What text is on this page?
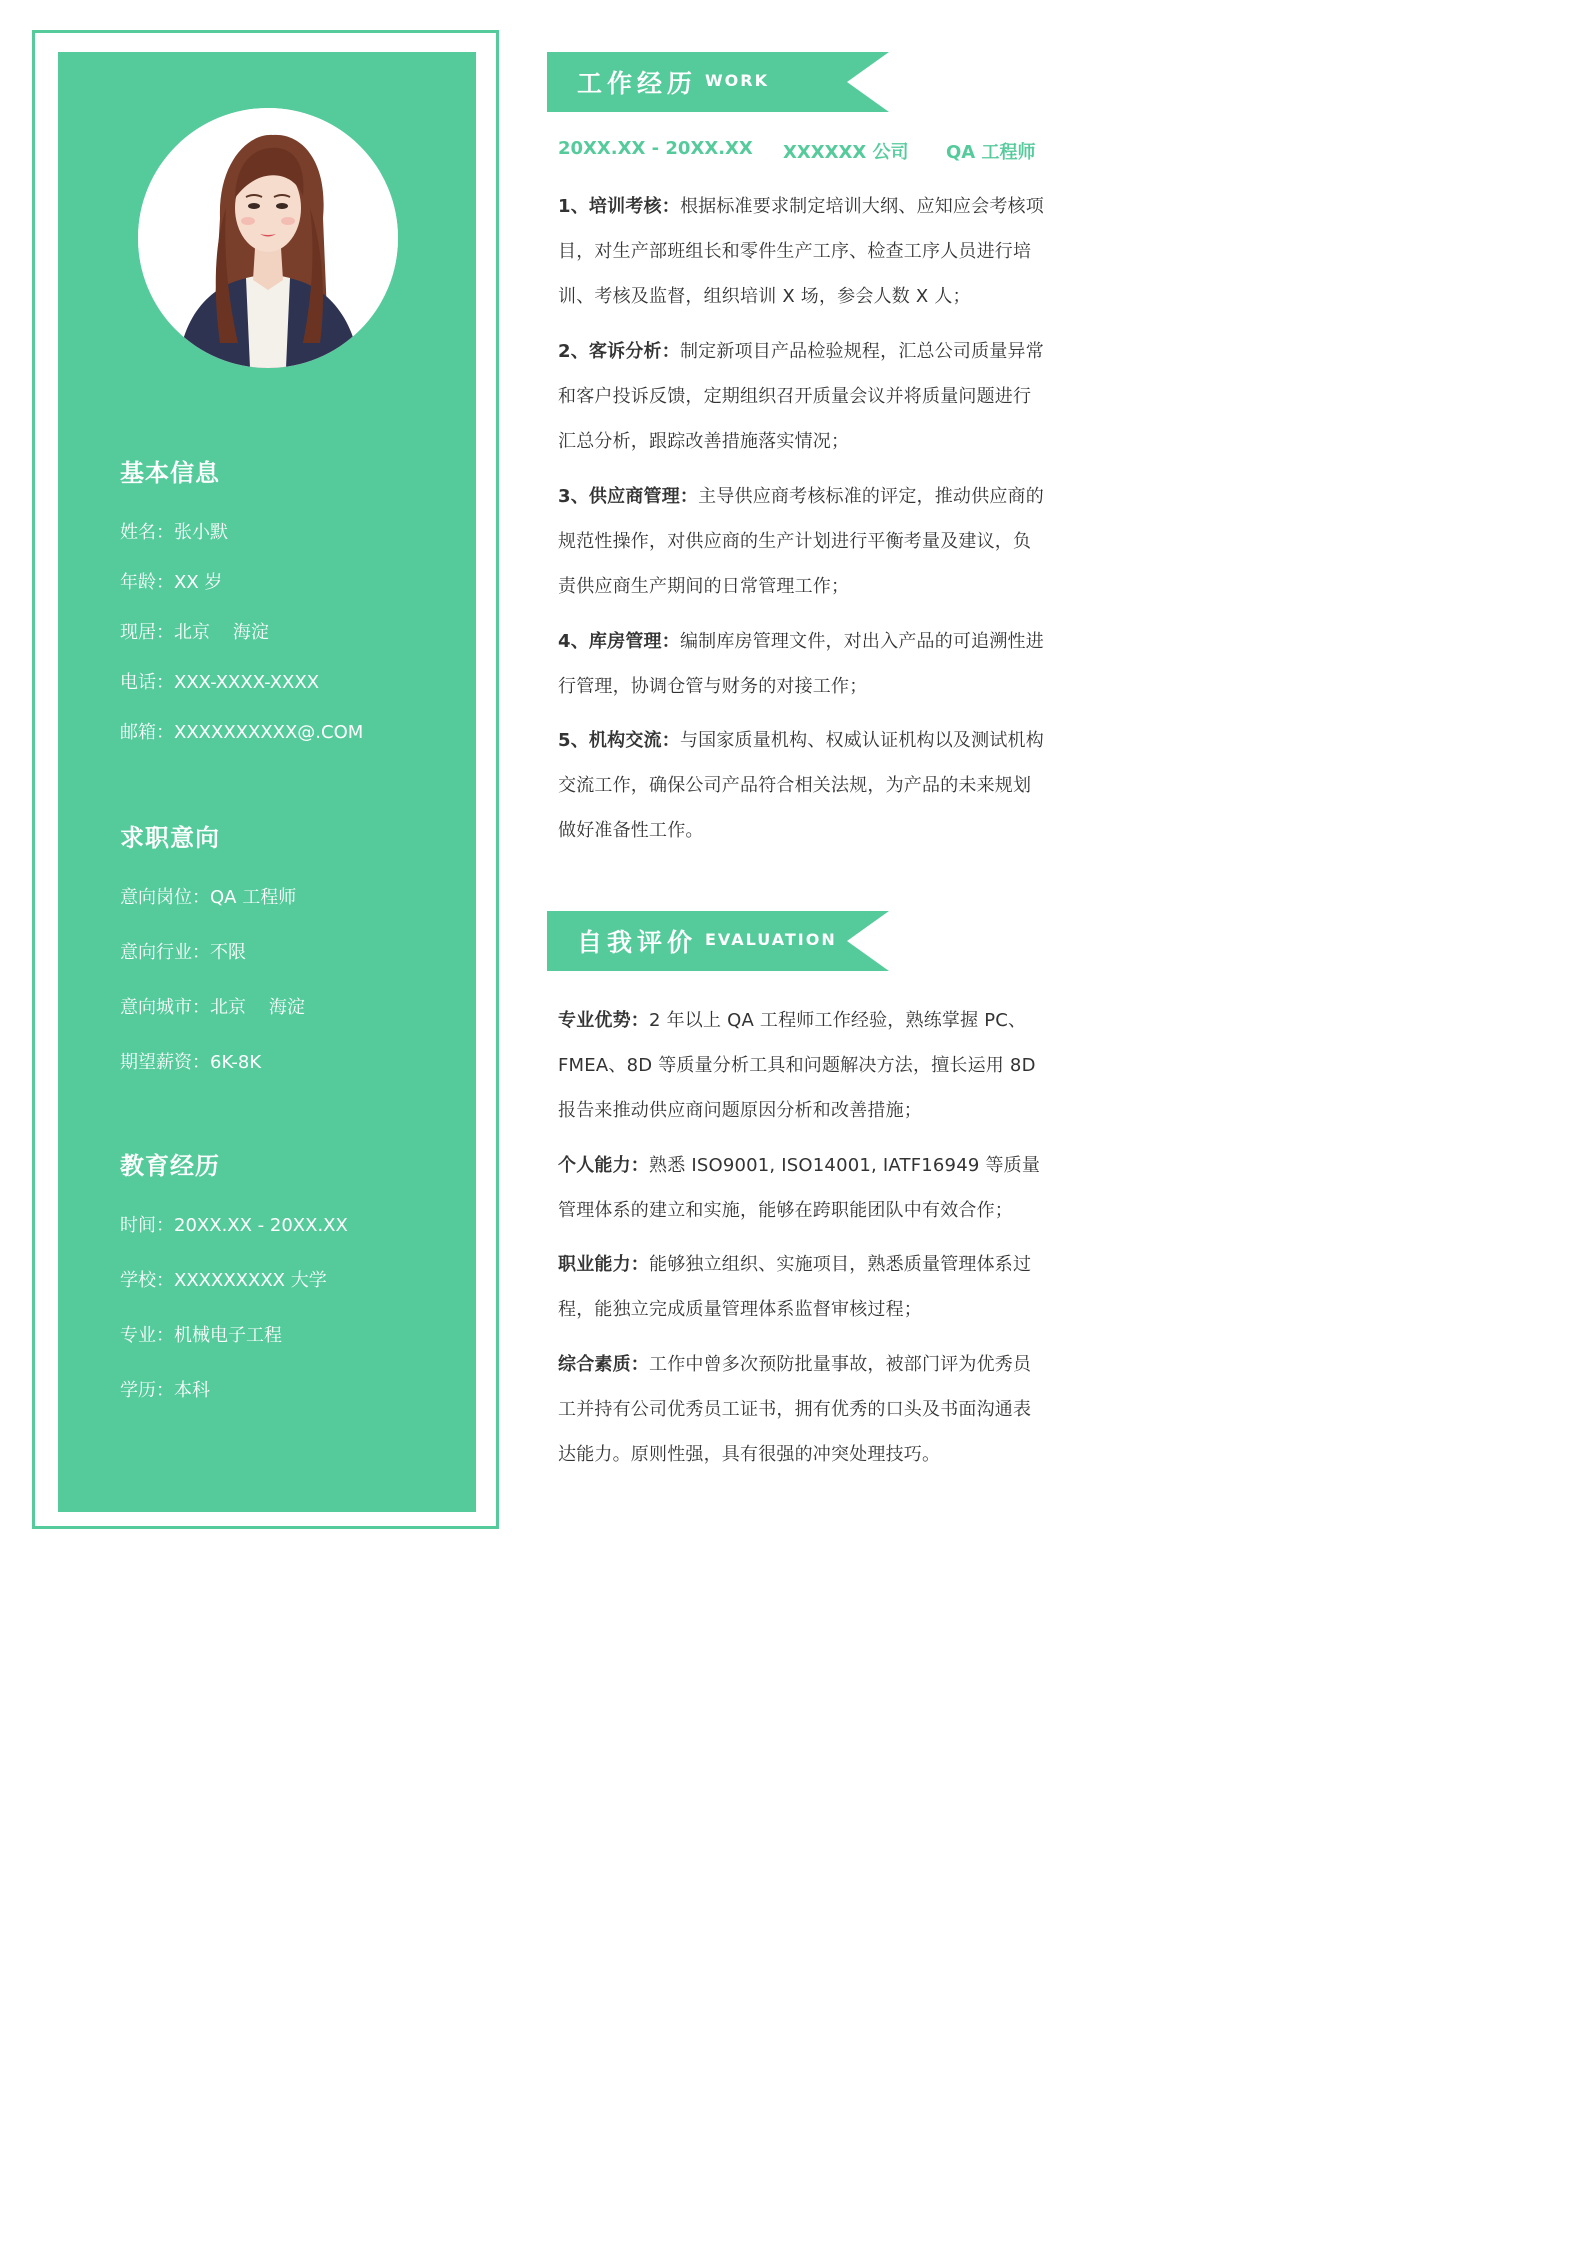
基本信息
姓名：张小默
年龄：XX 岁
现居：北京    海淀
电话：XXX-XXXX-XXXX
邮箱：XXXXXXXXXX@.COM
求职意向
意向岗位：QA 工程师
意向行业：不限
意向城市：北京    海淀
期望薪资：6K-8K
教育经历
时间：20XX.XX - 20XX.XX
学校：XXXXXXXXX 大学
专业：机械电子工程
学历：本科
工作经历 WORK
20XX.XX - 20XX.XX XXXXXX 公司 QA 工程师
1、培训考核：根据标准要求制定培训大纲、应知应会考核项目，对生产部班组长和零件生产工序、检查工序人员进行培训、考核及监督，组织培训 X 场，参会人数 X 人；
2、客诉分析：制定新项目产品检验规程，汇总公司质量异常和客户投诉反馈，定期组织召开质量会议并将质量问题进行汇总分析，跟踪改善措施落实情况；
3、供应商管理：主导供应商考核标准的评定，推动供应商的规范性操作，对供应商的生产计划进行平衡考量及建议，负责供应商生产期间的日常管理工作；
4、库房管理：编制库房管理文件，对出入产品的可追溯性进行管理，协调仓管与财务的对接工作；
5、机构交流：与国家质量机构、权威认证机构以及测试机构交流工作，确保公司产品符合相关法规，为产品的未来规划做好准备性工作。
自我评价 EVALUATION
专业优势：2 年以上 QA 工程师工作经验，熟练掌握 PC、FMEA、8D 等质量分析工具和问题解决方法，擅长运用 8D 报告来推动供应商问题原因分析和改善措施；
个人能力：熟悉 ISO9001, ISO14001, IATF16949 等质量管理体系的建立和实施，能够在跨职能团队中有效合作；
职业能力：能够独立组织、实施项目，熟悉质量管理体系过程，能独立完成质量管理体系监督审核过程；
综合素质：工作中曾多次预防批量事故，被部门评为优秀员工并持有公司优秀员工证书，拥有优秀的口头及书面沟通表达能力。原则性强，具有很强的冲突处理技巧。
